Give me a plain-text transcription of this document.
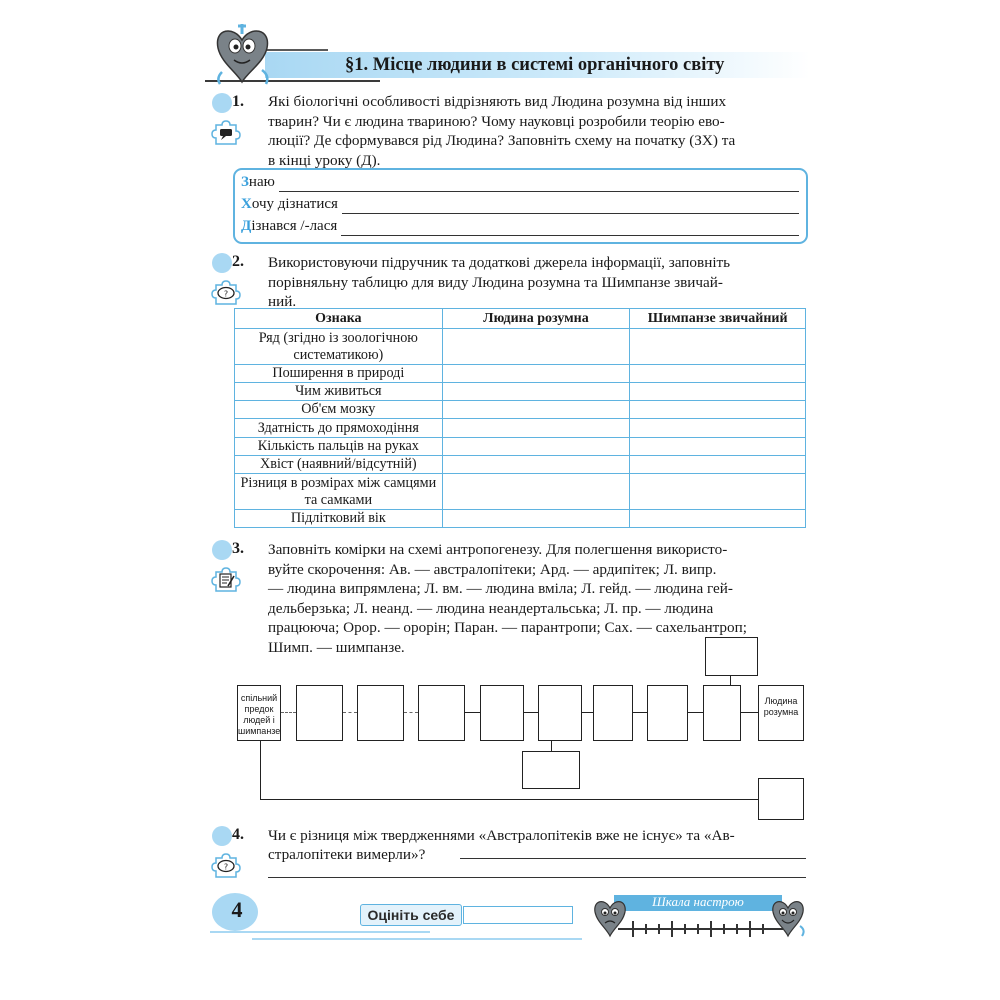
§1. Місце людини в системі органічного світу
1. Які біологічні особливості відрізняють вид Людина розумна від інших
тварин? Чи є людина твариною? Чому науковці розробили теорію ево-
люції? Де сформувався рід Людина? Заповніть схему на початку (ЗХ) та
в кінці уроку (Д).
З наю
Х очу дізнатися
Д ізнався /-лася
2.
?
Використовуючи підручник та додаткові джерела інформації, заповніть
порівняльну таблицю для виду Людина розумна та Шимпанзе звичай-
ний.
Ознака	Людина розумна	Шимпанзе звичайний
Ряд (згідно із зоологічною систематикою)		
Поширення в природі		
Чим живиться		
Об'єм мозку		
Здатність до прямоходіння		
Кількість пальців на руках		
Хвіст (наявний/відсутній)		
Різниця в розмірах між самцями та самками		
Підлітковий вік		
3. Заповніть комірки на схемі антропогенезу. Для полегшення використо-
вуйте скорочення: Ав. — австралопітеки; Ард. — ардипітек; Л. випр.
— людина випрямлена; Л. вм. — людина вміла; Л. гейд. — людина гей-
дельберзька; Л. неанд. — людина неандертальська; Л. пр. — людина
працююча; Орор. — орорін; Паран. — парантропи; Сах. — сахельантроп;
Шимп. — шимпанзе.
спільний предок людей і шимпанзе
Людина розумна
4.
?
Чи є різниця між твердженнями «Австралопітеків вже не існує» та «Ав-
стралопітеки вимерли»?
4	Оцініть себе
Шкала настрою
